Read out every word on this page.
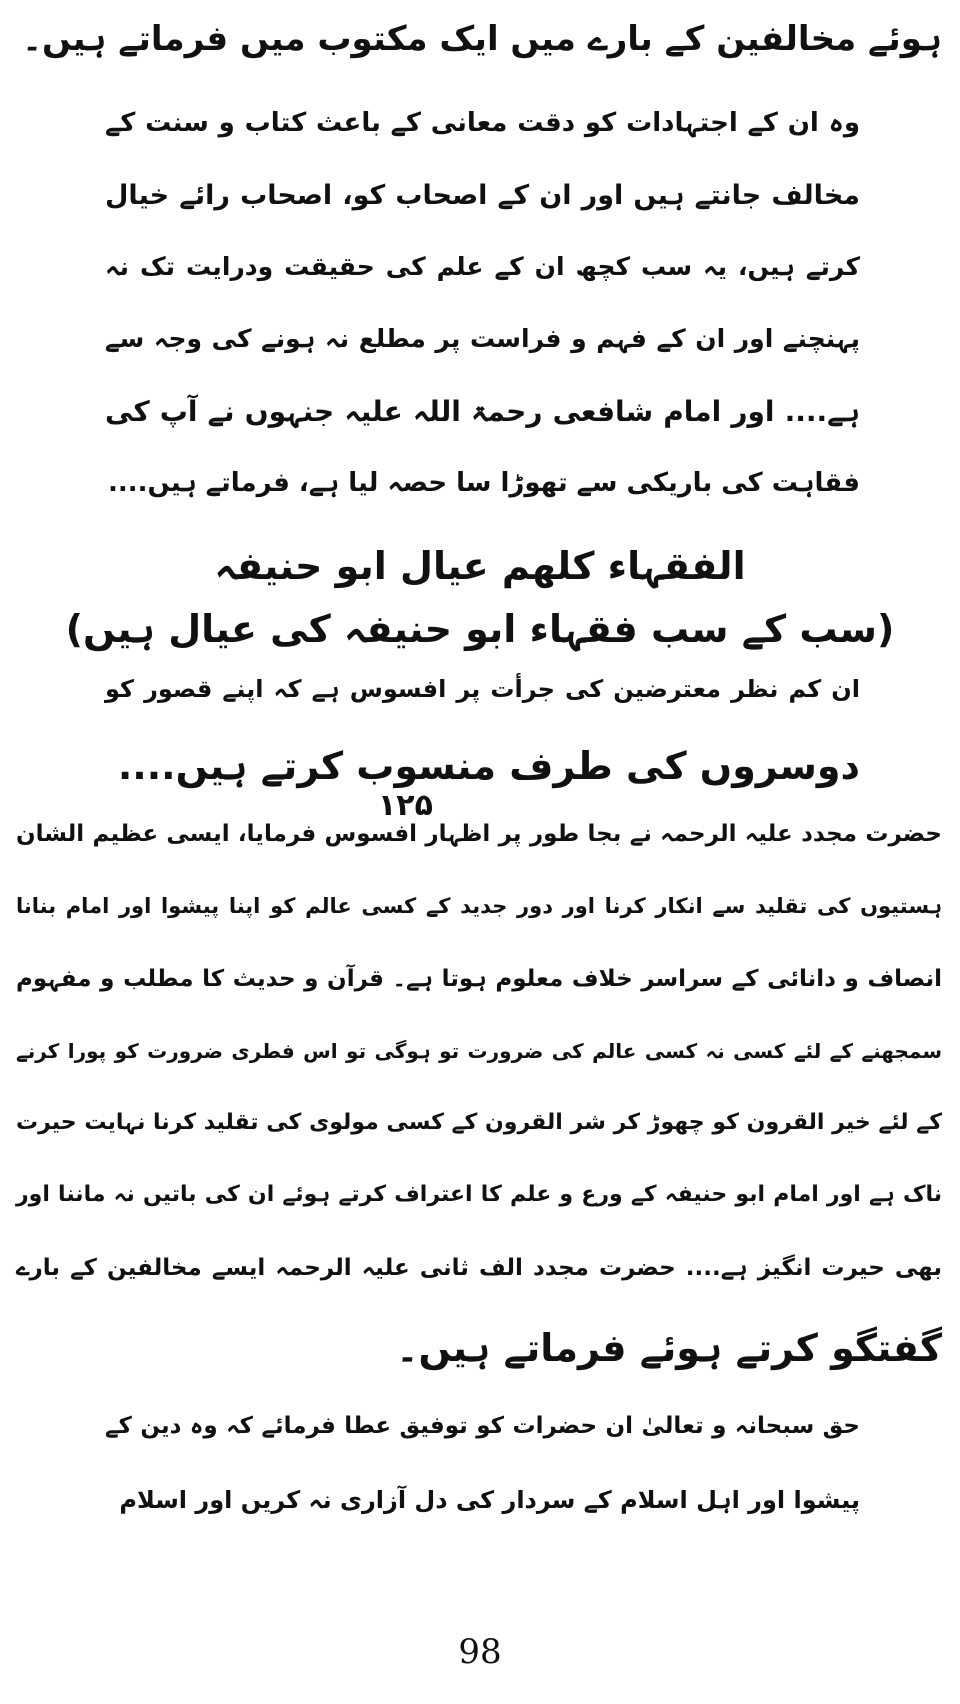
ہوئے مخالفین کے بارے میں ایک مکتوب میں فرماتے ہیں۔
وہ ان کے اجتہادات کو دقت معانی کے باعث کتاب و سنت کے
مخالف جانتے ہیں اور ان کے اصحاب کو، اصحاب رائے خیال
کرتے ہیں، یہ سب کچھ ان کے علم کی حقیقت ودرایت تک نہ
پہنچنے اور ان کے فہم و فراست پر مطلع نہ ہونے کی وجہ سے
ہے.... اور امام شافعی رحمۃ اللہ علیہ جنہوں نے آپ کی
فقاہت کی باریکی سے تھوڑا سا حصہ لیا ہے، فرماتے ہیں....
الفقہاء کلھم عیال ابو حنیفہ
(سب کے سب فقہاء ابو حنیفہ کی عیال ہیں)
ان کم نظر معترضین کی جرأت پر افسوس ہے کہ اپنے قصور کو
دوسروں کی طرف منسوب کرتے ہیں....
۱۲۵
حضرت مجدد علیہ الرحمہ نے بجا طور پر اظہار افسوس فرمایا، ایسی عظیم الشان
ہستیوں کی تقلید سے انکار کرنا اور دور جدید کے کسی عالم کو اپنا پیشوا اور امام بنانا
انصاف و دانائی کے سراسر خلاف معلوم ہوتا ہے۔ قرآن و حدیث کا مطلب و مفہوم
سمجھنے کے لئے کسی نہ کسی عالم کی ضرورت تو ہوگی تو اس فطری ضرورت کو پورا کرنے
کے لئے خیر القرون کو چھوڑ کر شر القرون کے کسی مولوی کی تقلید کرنا نہایت حیرت
ناک ہے اور امام ابو حنیفہ کے ورع و علم کا اعتراف کرتے ہوئے ان کی باتیں نہ ماننا اور
بھی حیرت انگیز ہے.... حضرت مجدد الف ثانی علیہ الرحمہ ایسے مخالفین کے بارے
گفتگو کرتے ہوئے فرماتے ہیں۔
حق سبحانہ و تعالیٰ ان حضرات کو توفیق عطا فرمائے کہ وہ دین کے
پیشوا اور اہل اسلام کے سردار کی دل آزاری نہ کریں اور اسلام
98
